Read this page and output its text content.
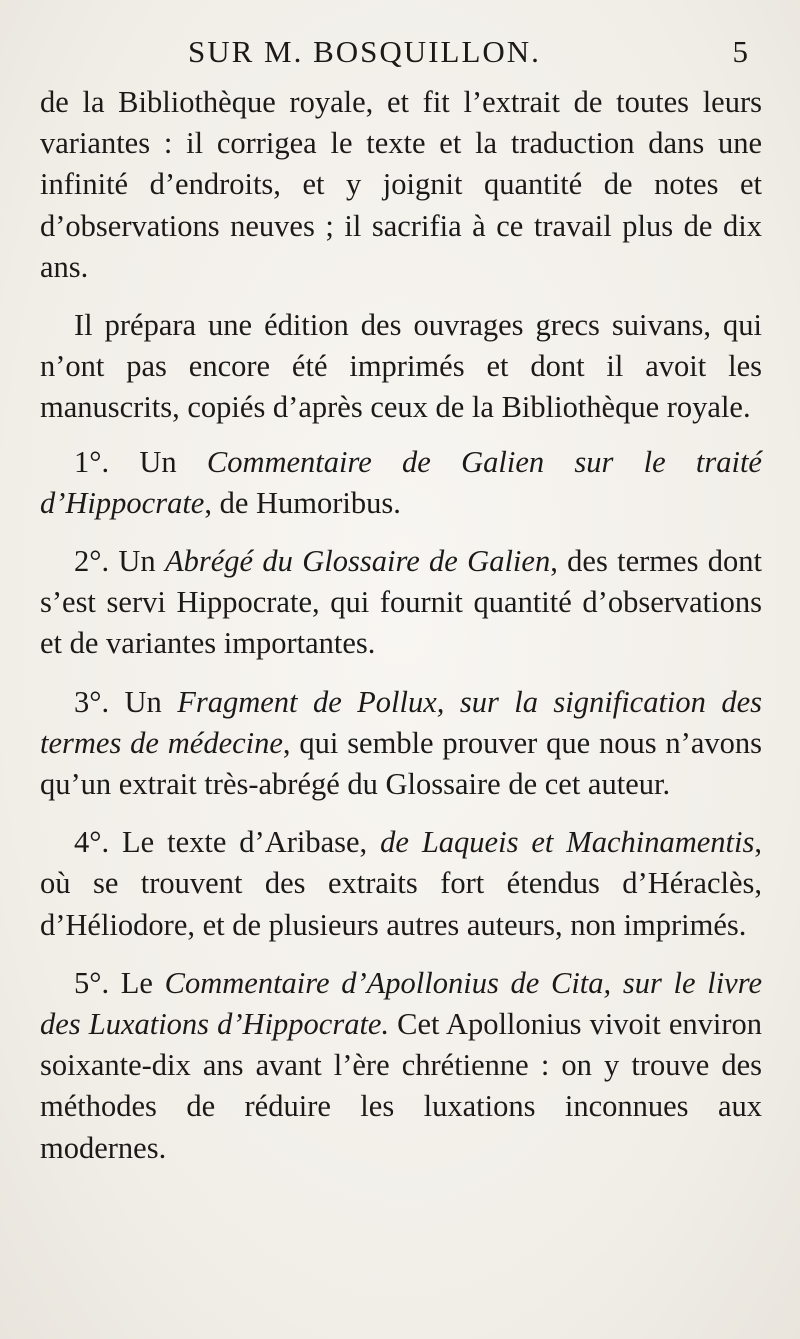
SUR M. BOSQUILLON.	5

de la Bibliothèque royale, et fit l’extrait de toutes leurs variantes : il corrigea le texte et la traduction dans une infinité d’endroits, et y joignit quantité de notes et d’observations neuves ; il sacrifia à ce travail plus de dix ans.

Il prépara une édition des ouvrages grecs suivans, qui n’ont pas encore été imprimés et dont il avoit les manuscrits, copiés d’après ceux de la Bibliothèque royale.

1°. Un Commentaire de Galien sur le traité d’Hippocrate, de Humoribus.

2°. Un Abrégé du Glossaire de Galien, des termes dont s’est servi Hippocrate, qui fournit quantité d’observations et de variantes importantes.

3°. Un Fragment de Pollux, sur la signification des termes de médecine, qui semble prouver que nous n’avons qu’un extrait très-abrégé du Glossaire de cet auteur.

4°. Le texte d’Aribase, de Laqueis et Machinamentis, où se trouvent des extraits fort étendus d’Héraclès, d’Héliodore, et de plusieurs autres auteurs, non imprimés.

5°. Le Commentaire d’Apollonius de Cita, sur le livre des Luxations d’Hippocrate. Cet Apollonius vivoit environ soixante-dix ans avant l’ère chrétienne : on y trouve des méthodes de réduire les luxations inconnues aux modernes.
